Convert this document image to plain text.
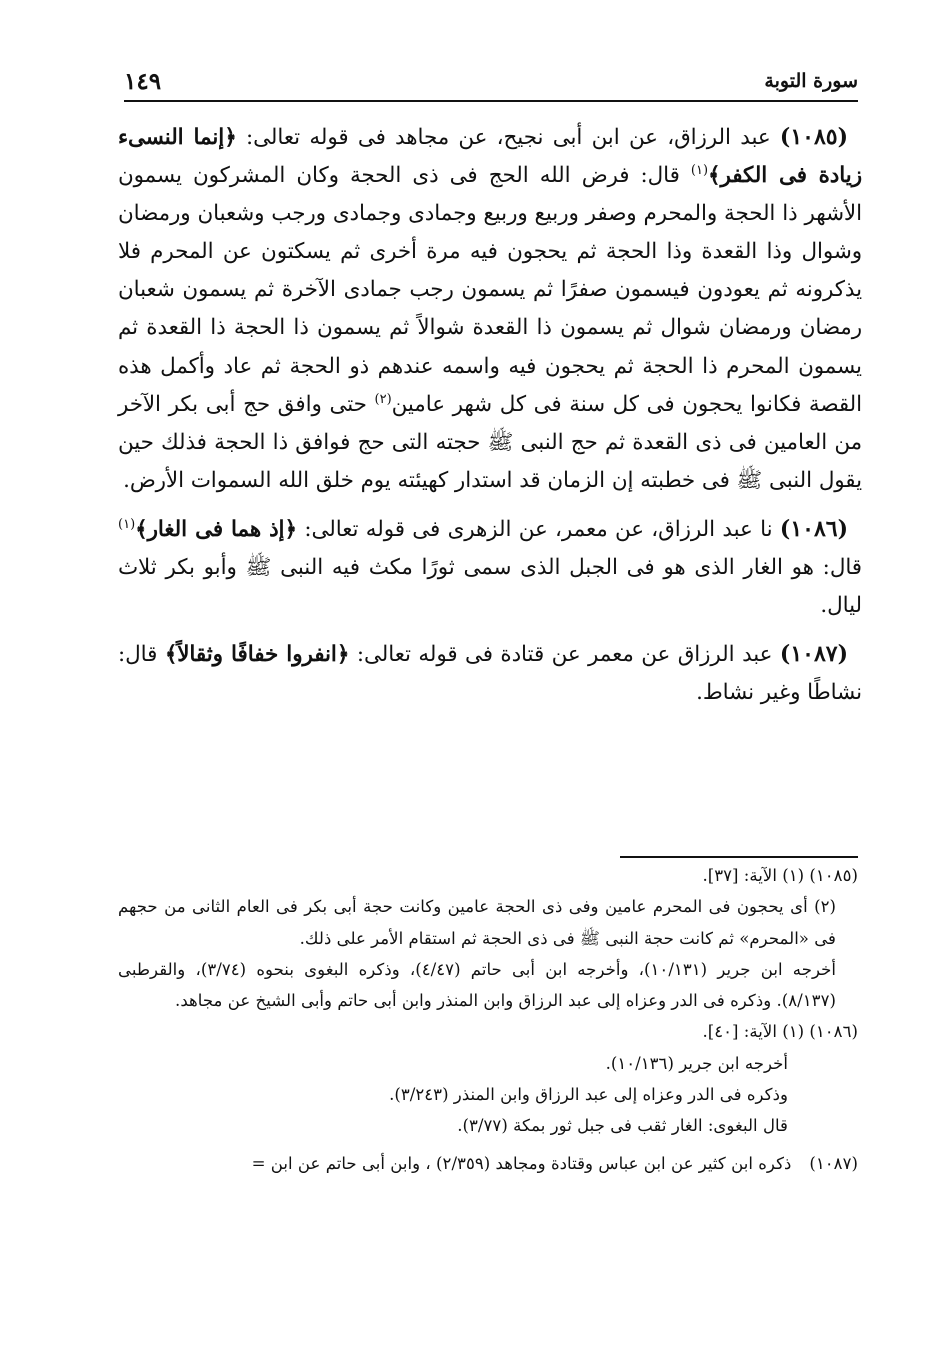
سورة التوبة
١٤٩

(١٠٨٥) عبد الرزاق، عن ابن أبى نجيح، عن مجاهد فى قوله تعالى: ﴿إنما النسىء زيادة فى الكفر﴾$^{(١)}$ قال: فرض الله الحج فى ذى الحجة وكان المشركون يسمون الأشهر ذا الحجة والمحرم وصفر وربيع وربيع وجمادى وجمادى ورجب وشعبان ورمضان وشوال وذا القعدة وذا الحجة ثم يحجون فيه مرة أخرى ثم يسكتون عن المحرم فلا يذكرونه ثم يعودون فيسمون صفرًا ثم يسمون رجب جمادى الآخرة ثم يسمون شعبان رمضان ورمضان شوال ثم يسمون ذا القعدة شوالاً ثم يسمون ذا الحجة ذا القعدة ثم يسمون المحرم ذا الحجة ثم يحجون فيه واسمه عندهم ذو الحجة ثم عاد وأكمل هذه القصة فكانوا يحجون فى كل سنة فى كل شهر عامين$^{(٢)}$ حتى وافق حج أبى بكر الآخر من العامين فى ذى القعدة ثم حج النبى ﷺ حجته التى حج فوافق ذا الحجة فذلك حين يقول النبى ﷺ فى خطبته إن الزمان قد استدار كهيئته يوم خلق الله السموات الأرض.

(١٠٨٦) نا عبد الرزاق، عن معمر، عن الزهرى فى قوله تعالى: ﴿إذ هما فى الغار﴾$^{(١)}$ قال: هو الغار الذى هو فى الجبل الذى سمى ثورًا مكث فيه النبى ﷺ وأبو بكر ثلاث ليال.

(١٠٨٧) عبد الرزاق عن معمر عن قتادة فى قوله تعالى: ﴿انفروا خفافًا وثقالاً﴾ قال: نشاطًا وغير نشاط.

(١٠٨٥) (١) الآية: [٣٧].

(٢) أى يحجون فى المحرم عامين وفى ذى الحجة عامين وكانت حجة أبى بكر فى العام الثانى من حجهم فى «المحرم» ثم كانت حجة النبى ﷺ فى ذى الحجة ثم استقام الأمر على ذلك.

أخرجه ابن جرير (١٠/١٣١)، وأخرجه ابن أبى حاتم (٤/٤٧)، وذكره البغوى بنحوه (٣/٧٤)، والقرطبى (٨/١٣٧). وذكره فى الدر وعزاه إلى عبد الرزاق وابن المنذر وابن أبى حاتم وأبى الشيخ عن مجاهد.

(١٠٨٦) (١) الآية: [٤٠].

أخرجه ابن جرير (١٠/١٣٦).

وذكره فى الدر وعزاه إلى عبد الرزاق وابن المنذر (٣/٢٤٣).

قال البغوى: الغار ثقب فى جبل ثور بمكة (٣/٧٧).

(١٠٨٧)
ذكره ابن كثير عن ابن عباس وقتادة ومجاهد (٢/٣٥٩) ، وابن أبى حاتم عن ابن =
